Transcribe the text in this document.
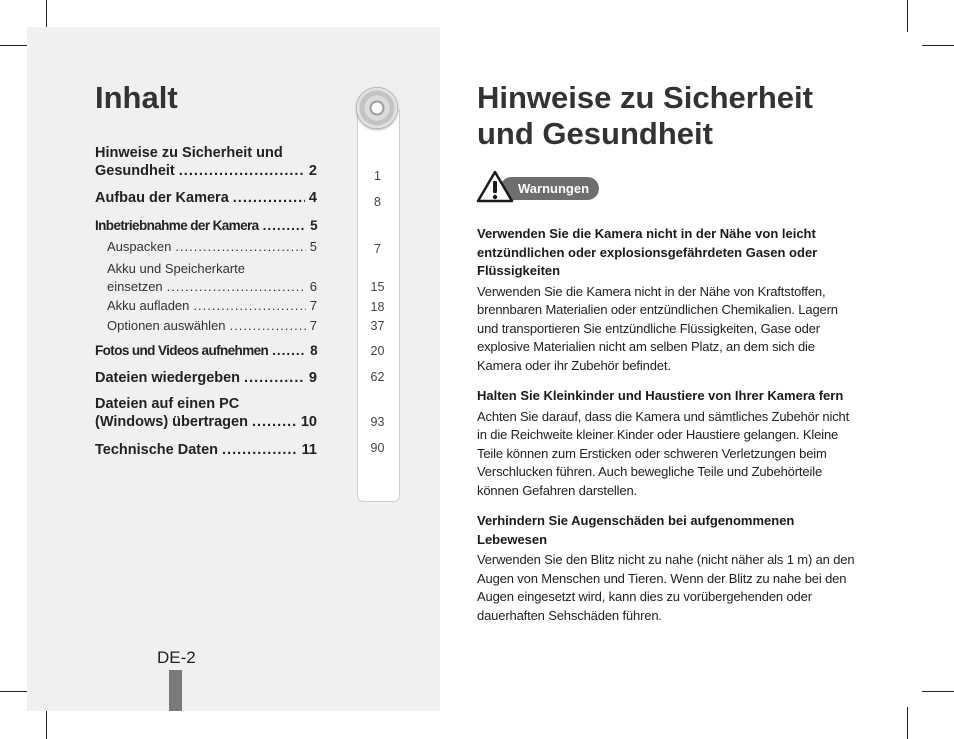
Inhalt
Hinweise zu Sicherheit und
Gesundheit .....	2
Aufbau der Kamera .....	4
Inbetriebnahme der Kamera .....	5
Auspacken .....	5
Akku und Speicherkarte
einsetzen .....	6
Akku aufladen .....	7
Optionen auswählen .....	7
Fotos und Videos aufnehmen .....	8
Dateien wiedergeben .....	9
Dateien auf einen PC
(Windows) übertragen .....	10
Technische Daten .....	11
1
8
7
15
18
37
20
62
93
90
DE-2
Hinweise zu Sicherheit und Gesundheit
Warnungen
Verwenden Sie die Kamera nicht in der Nähe von leicht entzündlichen oder explosionsgefährdeten Gasen oder Flüssigkeiten

Verwenden Sie die Kamera nicht in der Nähe von Kraftstoffen, brennbaren Materialien oder entzündlichen Chemikalien. Lagern und transportieren Sie entzündliche Flüssigkeiten, Gase oder explosive Materialien nicht am selben Platz, an dem sich die Kamera oder ihr Zubehör befindet.

Halten Sie Kleinkinder und Haustiere von Ihrer Kamera fern

Achten Sie darauf, dass die Kamera und sämtliches Zubehör nicht in die Reichweite kleiner Kinder oder Haustiere gelangen. Kleine Teile können zum Ersticken oder schweren Verletzungen beim Verschlucken führen. Auch bewegliche Teile und Zubehörteile können Gefahren darstellen.

Verhindern Sie Augenschäden bei aufgenommenen Lebewesen

Verwenden Sie den Blitz nicht zu nahe (nicht näher als 1 m) an den Augen von Menschen und Tieren. Wenn der Blitz zu nahe bei den Augen eingesetzt wird, kann dies zu vorübergehenden oder dauerhaften Sehschäden führen.
